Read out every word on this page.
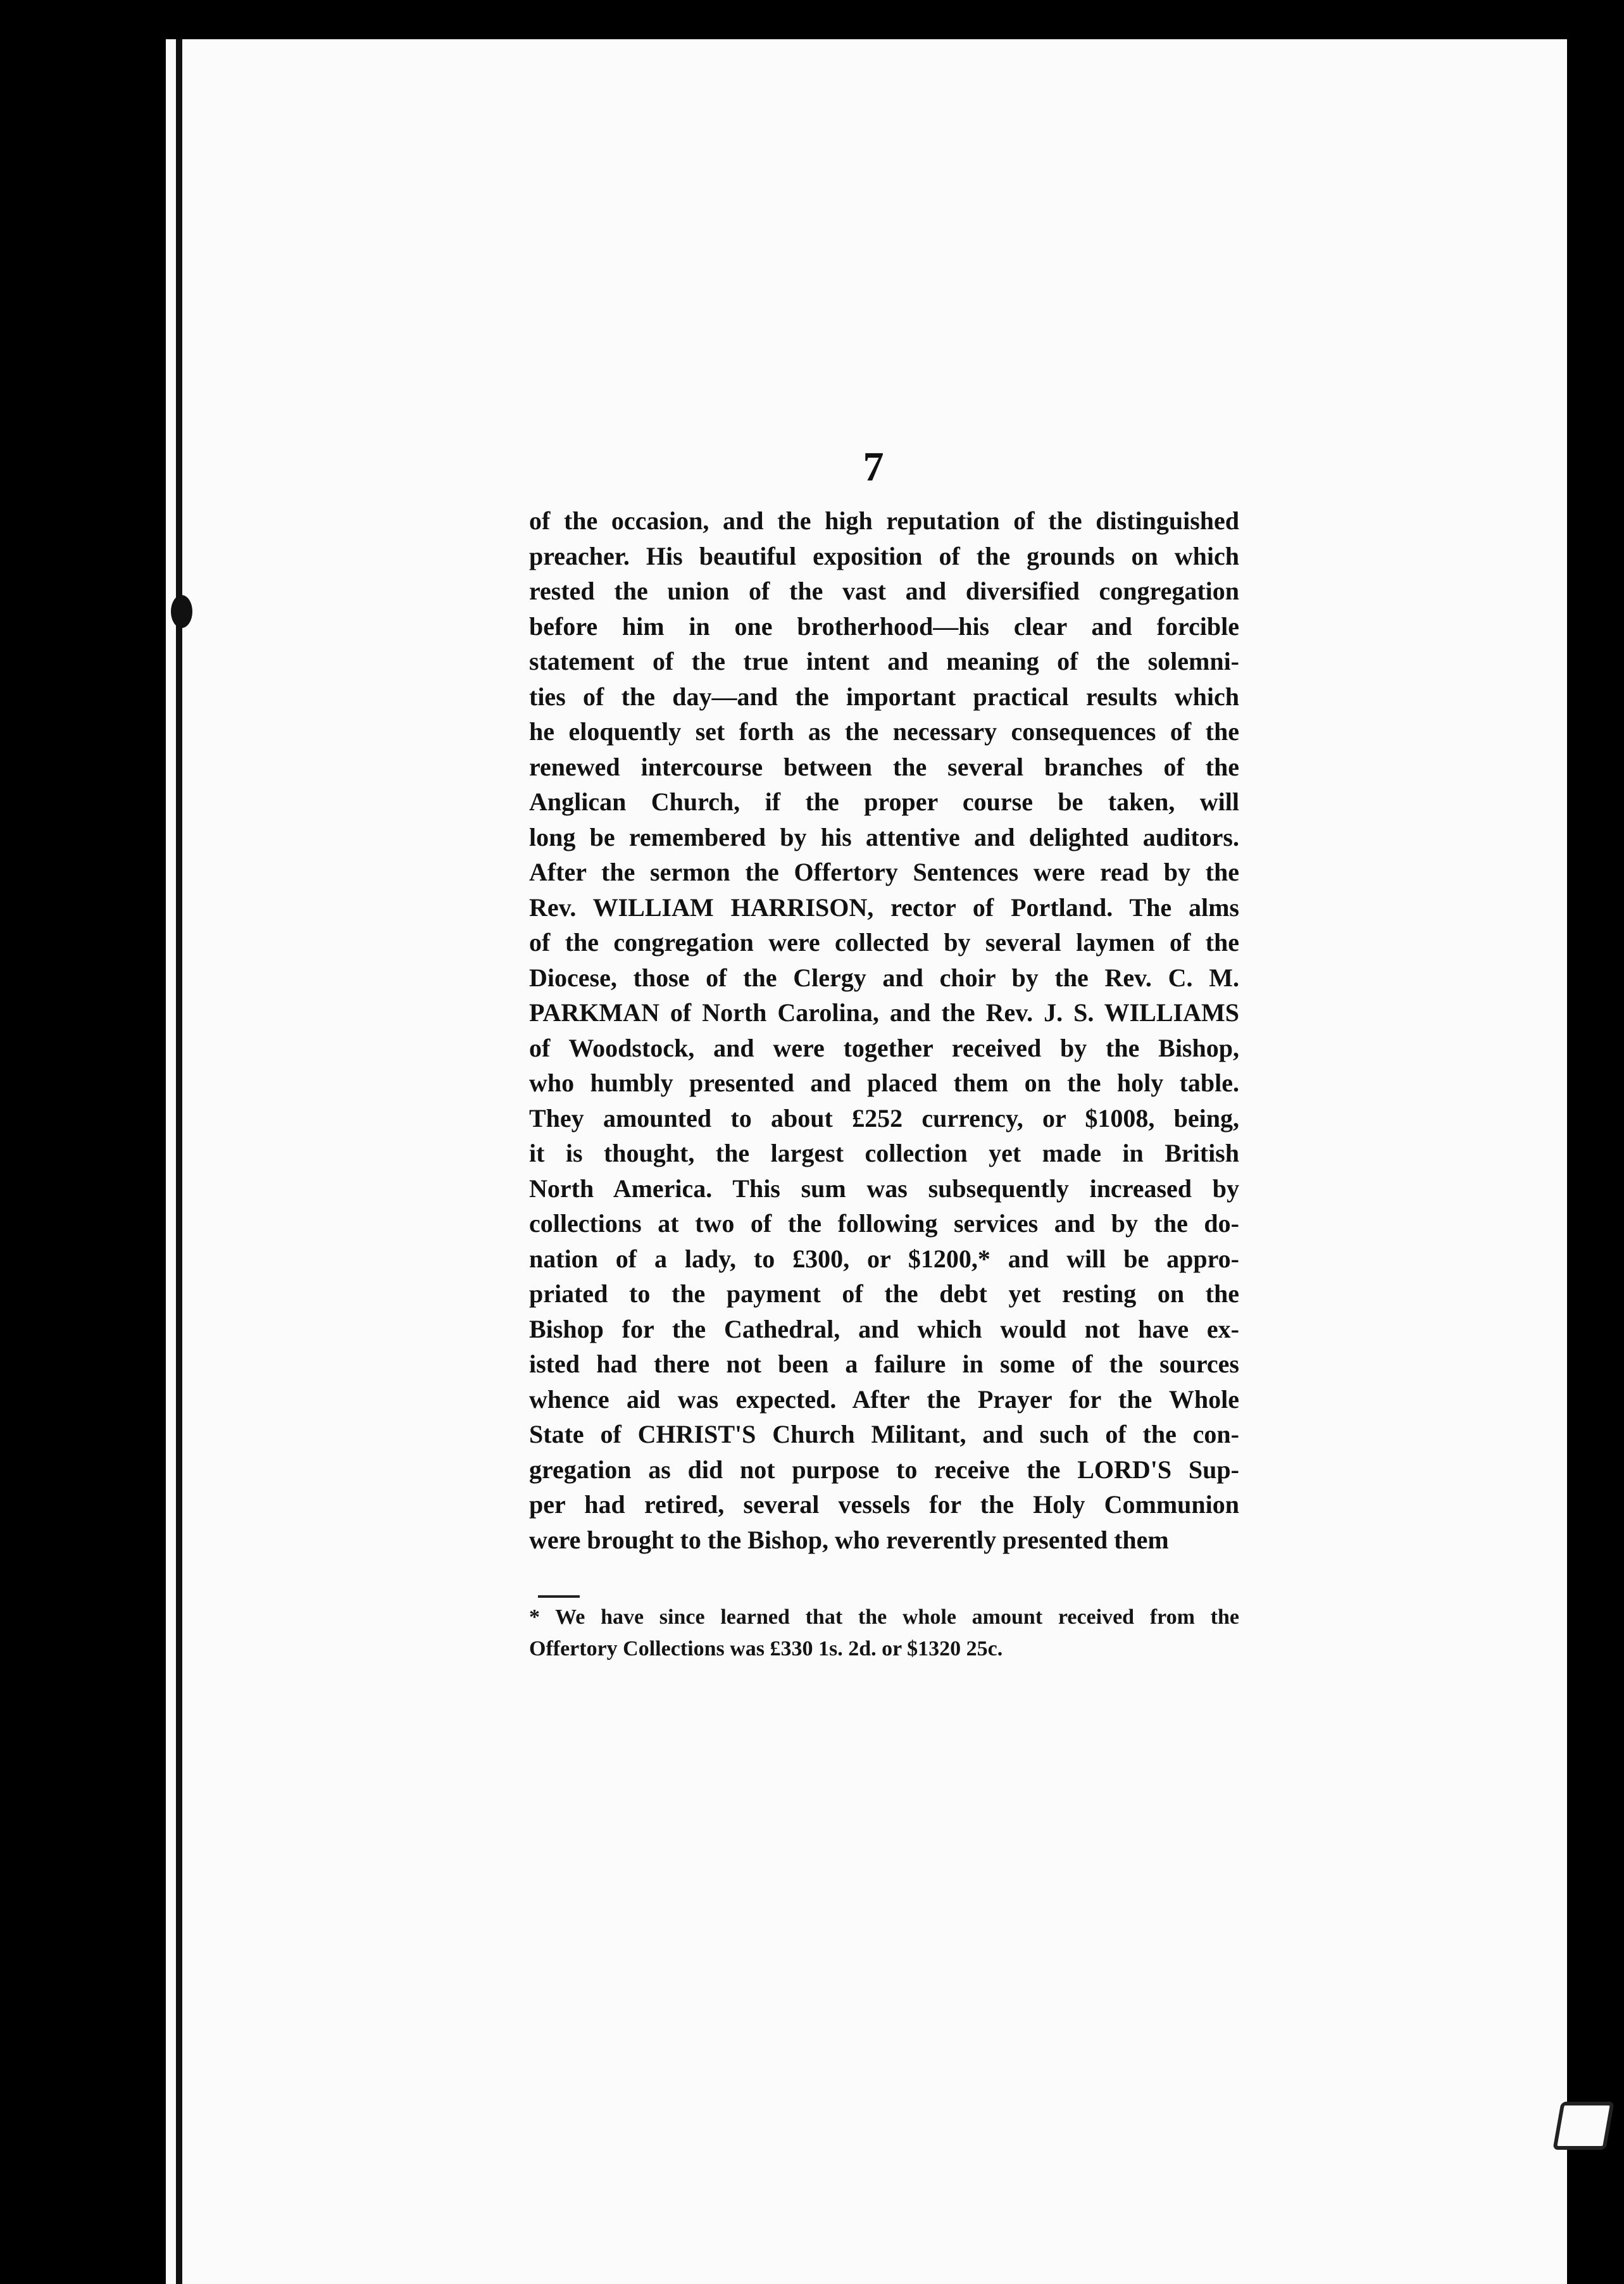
7
of the occasion, and the high reputation of the distinguished
preacher. His beautiful exposition of the grounds on which
rested the union of the vast and diversified congregation
before him in one brotherhood—his clear and forcible
statement of the true intent and meaning of the solemni-
ties of the day—and the important practical results which
he eloquently set forth as the necessary consequences of the
renewed intercourse between the several branches of the
Anglican Church, if the proper course be taken, will
long be remembered by his attentive and delighted auditors.
After the sermon the Offertory Sentences were read by the
Rev. WILLIAM HARRISON, rector of Portland. The alms
of the congregation were collected by several laymen of the
Diocese, those of the Clergy and choir by the Rev. C. M.
PARKMAN of North Carolina, and the Rev. J. S. WILLIAMS
of Woodstock, and were together received by the Bishop,
who humbly presented and placed them on the holy table.
They amounted to about £252 currency, or $1008, being,
it is thought, the largest collection yet made in British
North America. This sum was subsequently increased by
collections at two of the following services and by the do-
nation of a lady, to £300, or $1200,* and will be appro-
priated to the payment of the debt yet resting on the
Bishop for the Cathedral, and which would not have ex-
isted had there not been a failure in some of the sources
whence aid was expected. After the Prayer for the Whole
State of CHRIST'S Church Militant, and such of the con-
gregation as did not purpose to receive the LORD'S Sup-
per had retired, several vessels for the Holy Communion
were brought to the Bishop, who reverently presented them
* We have since learned that the whole amount received from the
Offertory Collections was £330 1s. 2d. or $1320 25c.
